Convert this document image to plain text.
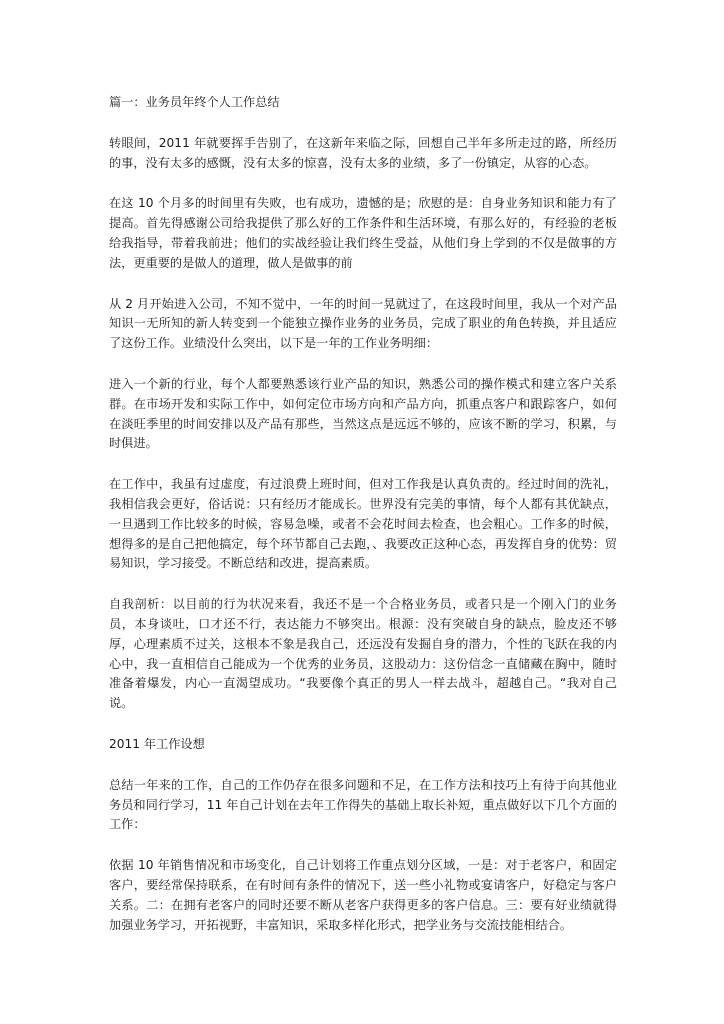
篇一：业务员年终个人工作总结

转眼间，2011 年就要挥手告别了，在这新年来临之际，回想自己半年多所走过的路，所经历的事，没有太多的感慨，没有太多的惊喜，没有太多的业绩，多了一份镇定，从容的心态。

在这 10 个月多的时间里有失败，也有成功，遗憾的是；欣慰的是：自身业务知识和能力有了提高。首先得感谢公司给我提供了那么好的工作条件和生活环境，有那么好的，有经验的老板给我指导，带着我前进；他们的实战经验让我们终生受益，从他们身上学到的不仅是做事的方法，更重要的是做人的道理，做人是做事的前

从 2 月开始进入公司，不知不觉中，一年的时间一晃就过了，在这段时间里，我从一个对产品知识一无所知的新人转变到一个能独立操作业务的业务员，完成了职业的角色转换，并且适应了这份工作。业绩没什么突出，以下是一年的工作业务明细：

进入一个新的行业，每个人都要熟悉该行业产品的知识，熟悉公司的操作模式和建立客户关系群。在市场开发和实际工作中，如何定位市场方向和产品方向，抓重点客户和跟踪客户，如何在淡旺季里的时间安排以及产品有那些，当然这点是远远不够的，应该不断的学习，积累，与时俱进。

在工作中，我虽有过虚度，有过浪费上班时间，但对工作我是认真负责的。经过时间的洗礼，我相信我会更好，俗话说：只有经历才能成长。世界没有完美的事情，每个人都有其优缺点，一旦遇到工作比较多的时候，容易急噪，或者不会花时间去检查，也会粗心。工作多的时候，想得多的是自己把他搞定，每个环节都自己去跑，、我要改正这种心态，再发挥自身的优势：贸易知识，学习接受。不断总结和改进，提高素质。

自我剖析：以目前的行为状况来看，我还不是一个合格业务员，或者只是一个刚入门的业务员，本身谈吐，口才还不行，表达能力不够突出。根源：没有突破自身的缺点，脸皮还不够厚，心理素质不过关，这根本不象是我自己，还远没有发掘自身的潜力，个性的飞跃在我的内心中，我一直相信自己能成为一个优秀的业务员，这股动力：这份信念一直储藏在胸中，随时准备着爆发，内心一直渴望成功。“我要像个真正的男人一样去战斗，超越自己。“我对自己说。

2011 年工作设想

总结一年来的工作，自己的工作仍存在很多问题和不足，在工作方法和技巧上有待于向其他业务员和同行学习，11 年自己计划在去年工作得失的基础上取长补短，重点做好以下几个方面的工作：

依据 10 年销售情况和市场变化，自己计划将工作重点划分区域，一是：对于老客户，和固定客户，要经常保持联系，在有时间有条件的情况下，送一些小礼物或宴请客户，好稳定与客户关系。二：在拥有老客户的同时还要不断从老客户获得更多的客户信息。三：要有好业绩就得加强业务学习，开拓视野，丰富知识，采取多样化形式，把学业务与交流技能相结合。
